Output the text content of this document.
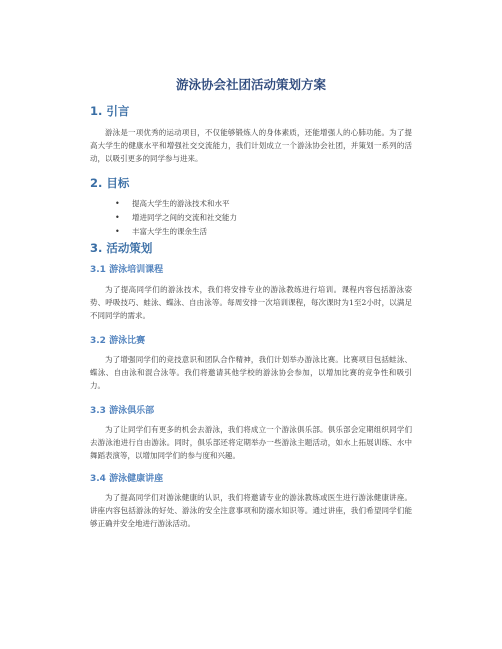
游泳协会社团活动策划方案
1. 引言

游泳是一项优秀的运动项目，不仅能够锻炼人的身体素质，还能增强人的心肺功能。为了提高大学生的健康水平和增强社交交流能力，我们计划成立一个游泳协会社团，并策划一系列的活动，以吸引更多的同学参与进来。

2. 目标
• 提高大学生的游泳技术和水平
• 增进同学之间的交流和社交能力
• 丰富大学生的课余生活
3. 活动策划
3.1 游泳培训课程

为了提高同学们的游泳技术，我们将安排专业的游泳教练进行培训。课程内容包括游泳姿势、呼吸技巧、蛙泳、蝶泳、自由泳等。每周安排一次培训课程，每次课时为1至2小时，以满足不同同学的需求。

3.2 游泳比赛

为了增强同学们的竞技意识和团队合作精神，我们计划举办游泳比赛。比赛项目包括蛙泳、蝶泳、自由泳和混合泳等。我们将邀请其他学校的游泳协会参加，以增加比赛的竞争性和吸引力。

3.3 游泳俱乐部

为了让同学们有更多的机会去游泳，我们将成立一个游泳俱乐部。俱乐部会定期组织同学们去游泳池进行自由游泳。同时，俱乐部还将定期举办一些游泳主题活动，如水上拓展训练、水中舞蹈表演等，以增加同学们的参与度和兴趣。

3.4 游泳健康讲座

为了提高同学们对游泳健康的认识，我们将邀请专业的游泳教练或医生进行游泳健康讲座。讲座内容包括游泳的好处、游泳的安全注意事项和防溺水知识等。通过讲座，我们希望同学们能够正确并安全地进行游泳活动。
